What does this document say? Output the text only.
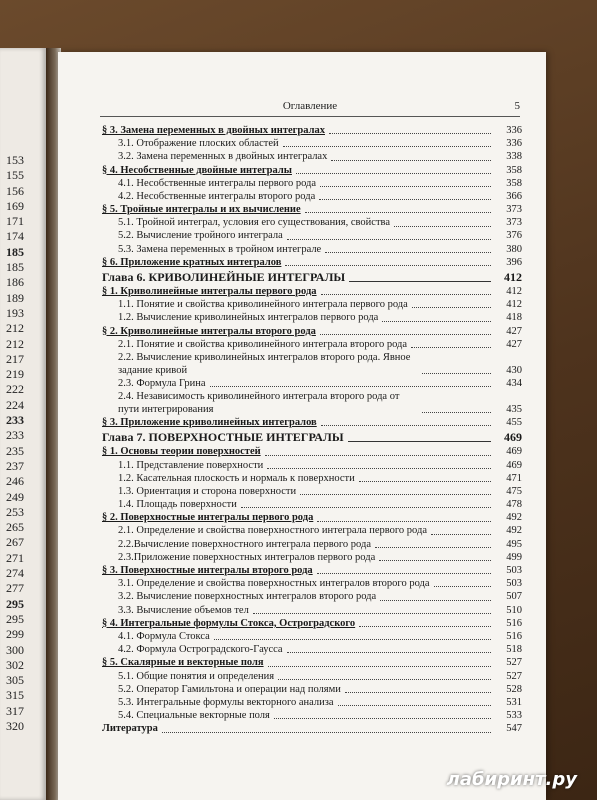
153
155
156
169
171
174
185
185
186
189
193
212
212
217
219
222
224
233
233
235
237
246
249
253
265
267
271
274
277
295
295
299
300
302
305
315
317
320
Оглавление	5
§ 3. Замена переменных в двойных интегралах	336
3.1. Отображение плоских областей	336
3.2. Замена переменных в двойных интегралах	338
§ 4. Несобственные двойные интегралы	358
4.1. Несобственные интегралы первого рода	358
4.2. Несобственные интегралы второго рода	366
§ 5. Тройные интегралы и их вычисление	373
5.1. Тройной интеграл, условия его существования, свойства	373
5.2. Вычисление тройного интеграла	376
5.3. Замена переменных в тройном интеграле	380
§ 6. Приложение кратных интегралов	396
Глава 6. КРИВОЛИНЕЙНЫЕ ИНТЕГРАЛЫ	412
§ 1. Криволинейные интегралы первого рода	412
1.1. Понятие и свойства криволинейного интеграла первого рода	412
1.2. Вычисление криволинейных интегралов первого рода	418
§ 2. Криволинейные интегралы второго рода	427
2.1. Понятие и свойства криволинейного интеграла второго рода	427
2.2. Вычисление криволинейных интегралов второго рода. Явное задание кривой	430
2.3. Формула Грина	434
2.4. Независимость криволинейного интеграла второго рода от пути интегрирования	435
§ 3. Приложение криволинейных интегралов	455
Глава 7. ПОВЕРХНОСТНЫЕ ИНТЕГРАЛЫ	469
§ 1. Основы теории поверхностей	469
1.1. Представление поверхности	469
1.2. Касательная плоскость и нормаль к поверхности	471
1.3. Ориентация и сторона поверхности	475
1.4. Площадь поверхности	478
§ 2. Поверхностные интегралы первого рода	492
2.1. Определение и свойства поверхностного интеграла первого рода	492
2.2.Вычисление поверхностного интеграла первого рода	495
2.3.Приложение поверхностных интегралов первого рода	499
§ 3. Поверхностные интегралы второго рода	503
3.1. Определение и свойства поверхностных интегралов второго рода	503
3.2. Вычисление поверхностных интегралов второго рода	507
3.3. Вычисление объемов тел	510
§ 4. Интегральные формулы Стокса, Остроградского	516
4.1. Формула Стокса	516
4.2. Формула Остроградского-Гаусса	518
§ 5. Скалярные и векторные поля	527
5.1. Общие понятия и определения	527
5.2. Оператор Гамильтона и операции над полями	528
5.3. Интегральные формулы векторного анализа	531
5.4. Специальные векторные поля	533
Литература	547
лабиринт.ру
